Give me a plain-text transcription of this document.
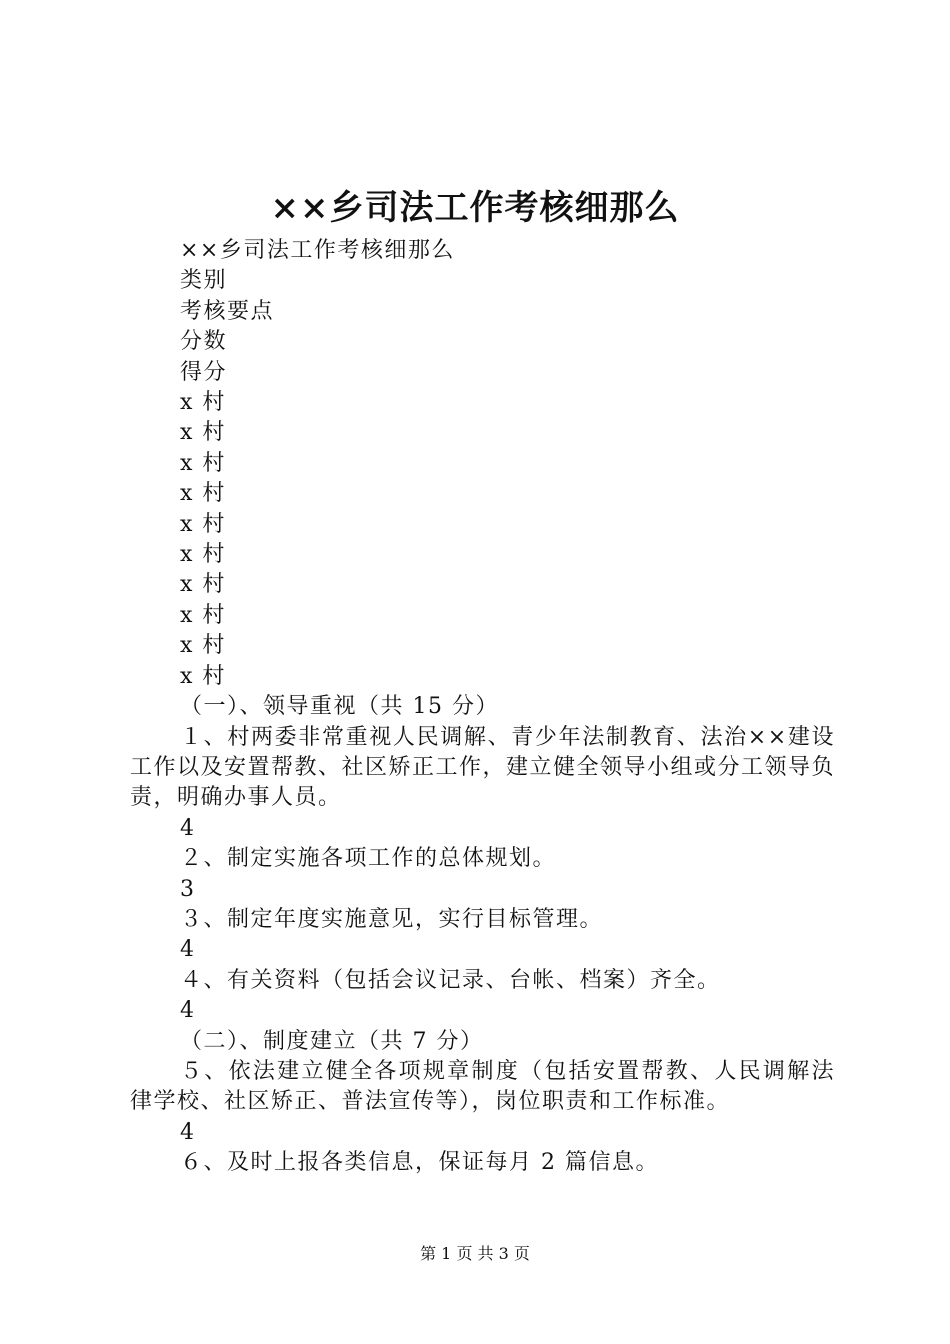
××乡司法工作考核细那么
××乡司法工作考核细那么
类别
考核要点
分数
得分
x 村
x 村
x 村
x 村
x 村
x 村
x 村
x 村
x 村
x 村
（一）、领导重视（共 15 分）
１、村两委非常重视人民调解、青少年法制教育、法治××建设工作以及安置帮教、社区矫正工作，建立健全领导小组或分工领导负责，明确办事人员。
4
２、制定实施各项工作的总体规划。
3
３、制定年度实施意见，实行目标管理。
4
４、有关资料（包括会议记录、台帐、档案）齐全。
4
（二）、制度建立（共 7 分）
５、依法建立健全各项规章制度（包括安置帮教、人民调解法律学校、社区矫正、普法宣传等），岗位职责和工作标准。
4
６、及时上报各类信息，保证每月 2 篇信息。
第 1 页 共 3 页
